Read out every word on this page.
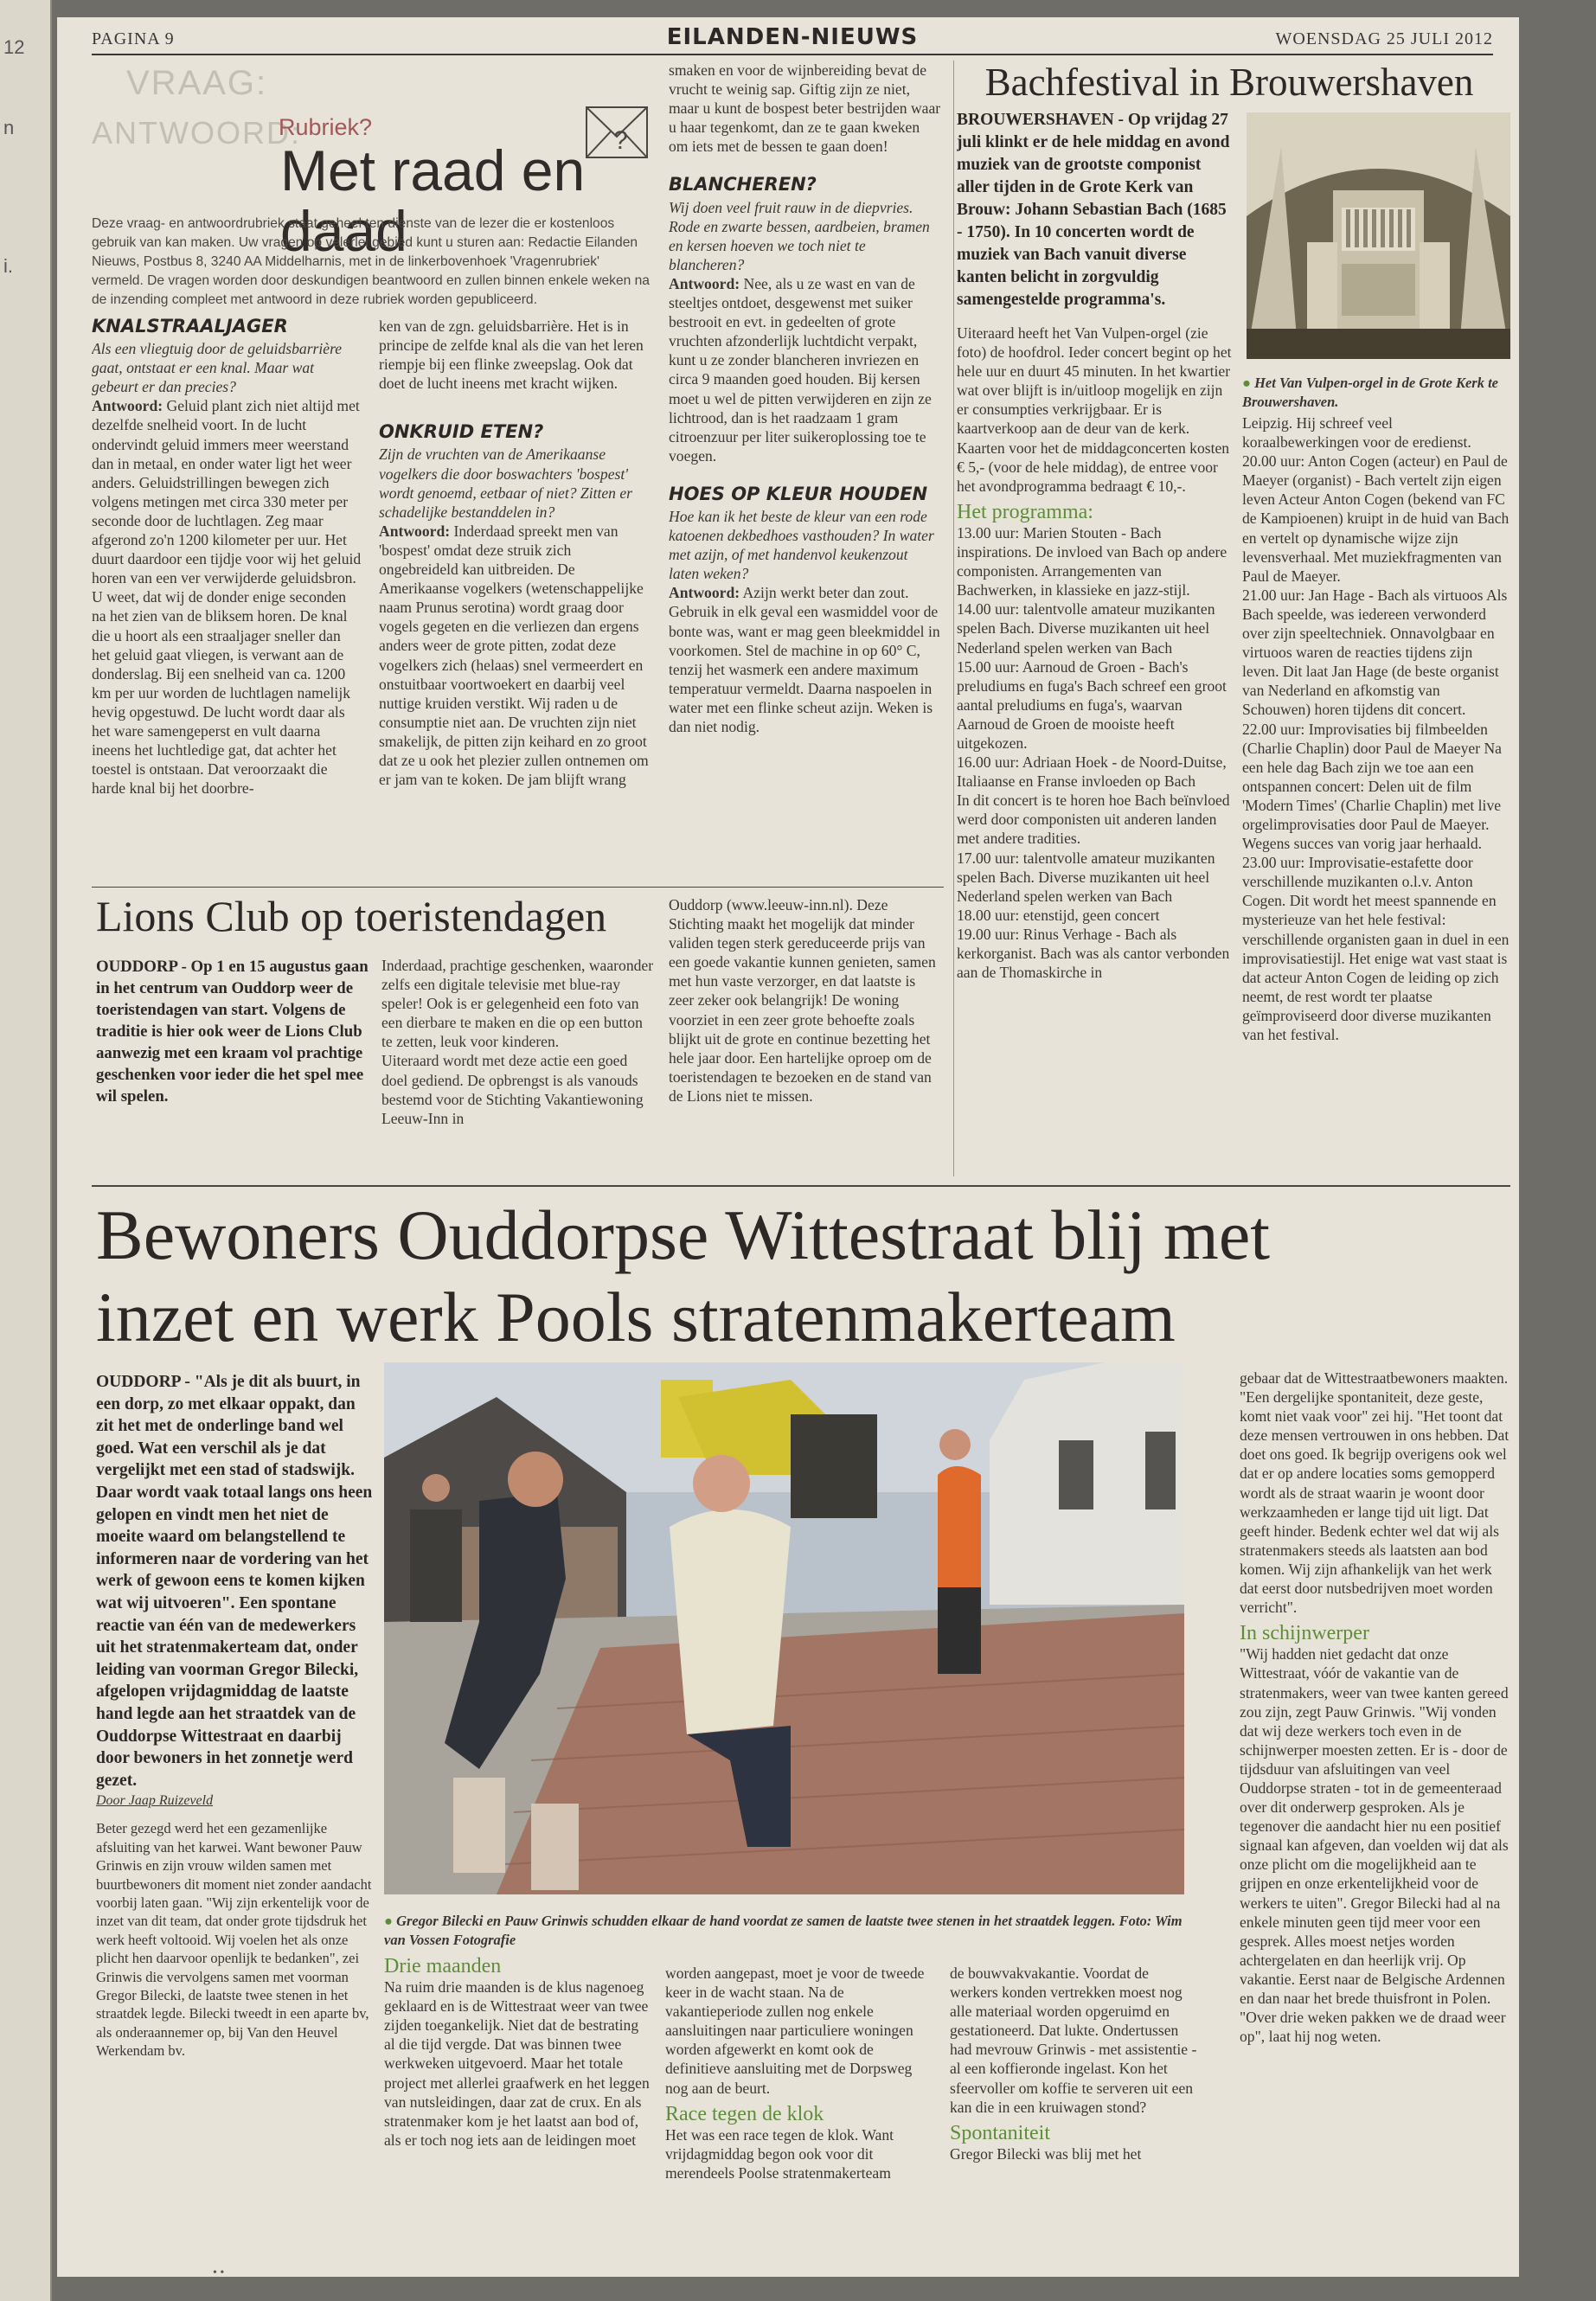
12
n
i.
PAGINA 9	EILANDEN-NIEUWS	WOENSDAG 25 JULI 2012
VRAAG:
ANTWOORD:	?
Rubriek?
Met raad en daad
Deze vraag- en antwoordrubriek staat geheel ten dienste van de lezer die er kostenloos gebruik van kan maken. Uw vragen op velerlei gebied kunt u sturen aan: Redactie Eilanden Nieuws, Postbus 8, 3240 AA Middelharnis, met in de linkerbovenhoek 'Vragenrubriek' vermeld. De vragen worden door deskundigen beantwoord en zullen binnen enkele weken na de inzending compleet met antwoord in deze rubriek worden gepubliceerd.
KNALSTRAALJAGER

Als een vliegtuig door de geluidsbarrière gaat, ontstaat er een knal. Maar wat gebeurt er dan precies?

Antwoord: Geluid plant zich niet altijd met dezelfde snelheid voort. In de lucht ondervindt geluid immers meer weerstand dan in metaal, en onder water ligt het weer anders. Geluidstrillingen bewegen zich volgens metingen met circa 330 meter per seconde door de luchtlagen. Zeg maar afgerond zo'n 1200 kilometer per uur. Het duurt daardoor een tijdje voor wij het geluid horen van een ver verwijderde geluidsbron. U weet, dat wij de donder enige seconden na het zien van de bliksem horen. De knal die u hoort als een straaljager sneller dan het geluid gaat vliegen, is verwant aan de donderslag. Bij een snelheid van ca. 1200 km per uur worden de luchtlagen namelijk hevig opgestuwd. De lucht wordt daar als het ware samengeperst en vult daarna ineens het luchtledige gat, dat achter het toestel is ontstaan. Dat veroorzaakt die harde knal bij het doorbre-

ken van de zgn. geluidsbarrière. Het is in principe de zelfde knal als die van het leren riempje bij een flinke zweepslag. Ook dat doet de lucht ineens met kracht wijken.

ONKRUID ETEN?

Zijn de vruchten van de Amerikaanse vogelkers die door boswachters 'bospest' wordt genoemd, eetbaar of niet? Zitten er schadelijke bestanddelen in?

Antwoord: Inderdaad spreekt men van 'bospest' omdat deze struik zich ongebreideld kan uitbreiden. De Amerikaanse vogelkers (wetenschappelijke naam Prunus serotina) wordt graag door vogels gegeten en die verliezen dan ergens anders weer de grote pitten, zodat deze vogelkers zich (helaas) snel vermeerdert en onstuitbaar voortwoekert en daarbij veel nuttige kruiden verstikt. Wij raden u de consumptie niet aan. De vruchten zijn niet smakelijk, de pitten zijn keihard en zo groot dat ze u ook het plezier zullen ontnemen om er jam van te koken. De jam blijft wrang

smaken en voor de wijnbereiding bevat de vrucht te weinig sap. Giftig zijn ze niet, maar u kunt de bospest beter bestrijden waar u haar tegenkomt, dan ze te gaan kweken om iets met de bessen te gaan doen!

BLANCHEREN?

Wij doen veel fruit rauw in de diepvries. Rode en zwarte bessen, aardbeien, bramen en kersen hoeven we toch niet te blancheren?

Antwoord: Nee, als u ze wast en van de steeltjes ontdoet, desgewenst met suiker bestrooit en evt. in gedeelten of grote vruchten afzonderlijk luchtdicht verpakt, kunt u ze zonder blancheren invriezen en circa 9 maanden goed houden. Bij kersen moet u wel de pitten verwijderen en zijn ze lichtrood, dan is het raadzaam 1 gram citroenzuur per liter suikeroplossing toe te voegen.

HOES OP KLEUR HOUDEN

Hoe kan ik het beste de kleur van een rode katoenen dekbedhoes vasthouden? In water met azijn, of met handenvol keukenzout laten weken?

Antwoord: Azijn werkt beter dan zout. Gebruik in elk geval een wasmiddel voor de bonte was, want er mag geen bleekmiddel in voorkomen. Stel de machine in op 60° C, tenzij het wasmerk een andere maximum temperatuur vermeldt. Daarna naspoelen in water met een flinke scheut azijn. Weken is dan niet nodig.

Bachfestival in Brouwershaven

BROUWERSHAVEN - Op vrijdag 27 juli klinkt er de hele middag en avond muziek van de grootste componist aller tijden in de Grote Kerk van Brouw: Johann Sebastian Bach (1685 - 1750). In 10 concerten wordt de muziek van Bach vanuit diverse kanten belicht in zorgvuldig samengestelde programma's.

Uiteraard heeft het Van Vulpen-orgel (zie foto) de hoofdrol. Ieder concert begint op het hele uur en duurt 45 minuten. In het kwartier wat over blijft is in/uitloop mogelijk en zijn er consumpties verkrijgbaar. Er is kaartverkoop aan de deur van de kerk. Kaarten voor het de middagconcerten kosten € 5,- (voor de hele middag), de entree voor het avondprogramma bedraagt € 10,-.

Het programma:

13.00 uur: Marien Stouten - Bach inspirations. De invloed van Bach op andere componisten. Arrangementen van Bachwerken, in klassieke en jazz-stijl.
14.00 uur: talentvolle amateur muzikanten spelen Bach. Diverse muzikanten uit heel Nederland spelen werken van Bach
15.00 uur: Aarnoud de Groen - Bach's preludiums en fuga's Bach schreef een groot aantal preludiums en fuga's, waarvan Aarnoud de Groen de mooiste heeft uitgekozen.
16.00 uur: Adriaan Hoek - de Noord-Duitse, Italiaanse en Franse invloeden op Bach
In dit concert is te horen hoe Bach beïnvloed werd door componisten uit anderen landen met andere tradities.
17.00 uur: talentvolle amateur muzikanten spelen Bach. Diverse muzikanten uit heel Nederland spelen werken van Bach
18.00 uur: etenstijd, geen concert
19.00 uur: Rinus Verhage - Bach als kerkorganist. Bach was als cantor verbonden aan de Thomaskirche in

● Het Van Vulpen-orgel in de Grote Kerk te Brouwershaven.

Leipzig. Hij schreef veel koraalbewerkingen voor de eredienst.
20.00 uur: Anton Cogen (acteur) en Paul de Maeyer (organist) - Bach vertelt zijn eigen leven Acteur Anton Cogen (bekend van FC de Kampioenen) kruipt in de huid van Bach en vertelt op dynamische wijze zijn levensverhaal. Met muziekfragmenten van Paul de Maeyer.
21.00 uur: Jan Hage - Bach als virtuoos Als Bach speelde, was iedereen verwonderd over zijn speeltechniek. Onnavolgbaar en virtuoos waren de reacties tijdens zijn leven. Dit laat Jan Hage (de beste organist van Nederland en afkomstig van Schouwen) horen tijdens dit concert.
22.00 uur: Improvisaties bij filmbeelden (Charlie Chaplin) door Paul de Maeyer Na een hele dag Bach zijn we toe aan een ontspannen concert: Delen uit de film 'Modern Times' (Charlie Chaplin) met live orgelimprovisaties door Paul de Maeyer. Wegens succes van vorig jaar herhaald.
23.00 uur: Improvisatie-estafette door verschillende muzikanten o.l.v. Anton Cogen. Dit wordt het meest spannende en mysterieuze van het hele festival: verschillende organisten gaan in duel in een improvisatiestijl. Het enige wat vast staat is dat acteur Anton Cogen de leiding op zich neemt, de rest wordt ter plaatse geïmproviseerd door diverse muzikanten van het festival.

Lions Club op toeristendagen

OUDDORP - Op 1 en 15 augustus gaan in het centrum van Ouddorp weer de toeristendagen van start. Volgens de traditie is hier ook weer de Lions Club aanwezig met een kraam vol prachtige geschenken voor ieder die het spel mee wil spelen.

Inderdaad, prachtige geschenken, waaronder zelfs een digitale televisie met blue-ray speler! Ook is er gelegenheid een foto van een dierbare te maken en die op een button te zetten, leuk voor kinderen.
Uiteraard wordt met deze actie een goed doel gediend. De opbrengst is als vanouds bestemd voor de Stichting Vakantiewoning Leeuw-Inn in

Ouddorp (www.leeuw-inn.nl). Deze Stichting maakt het mogelijk dat minder validen tegen sterk gereduceerde prijs van een goede vakantie kunnen genieten, samen met hun vaste verzorger, en dat laatste is zeer zeker ook belangrijk! De woning voorziet in een zeer grote behoefte zoals blijkt uit de grote en continue bezetting het hele jaar door. Een hartelijke oproep om de toeristendagen te bezoeken en de stand van de Lions niet te missen.

Bewoners Ouddorpse Wittestraat blij met
inzet en werk Pools stratenmakerteam

OUDDORP - "Als je dit als buurt, in een dorp, zo met elkaar oppakt, dan zit het met de onderlinge band wel goed. Wat een verschil als je dat vergelijkt met een stad of stadswijk. Daar wordt vaak totaal langs ons heen gelopen en vindt men het niet de moeite waard om belangstellend te informeren naar de vordering van het werk of gewoon eens te komen kijken wat wij uitvoeren". Een spontane reactie van één van de medewerkers uit het stratenmakerteam dat, onder leiding van voorman Gregor Bilecki, afgelopen vrijdagmiddag de laatste hand legde aan het straatdek van de Ouddorpse Wittestraat en daarbij door bewoners in het zonnetje werd gezet.

Door Jaap Ruizeveld

Beter gezegd werd het een gezamenlijke afsluiting van het karwei. Want bewoner Pauw Grinwis en zijn vrouw wilden samen met buurtbewoners dit moment niet zonder aandacht voorbij laten gaan. "Wij zijn erkentelijk voor de inzet van dit team, dat onder grote tijdsdruk het werk heeft voltooid. Wij voelen het als onze plicht hen daarvoor openlijk te bedanken", zei Grinwis die vervolgens samen met voorman Gregor Bilecki, de laatste twee stenen in het straatdek legde. Bilecki tweedt in een aparte bv, als onderaannemer op, bij Van den Heuvel Werkendam bv.

● Gregor Bilecki en Pauw Grinwis schudden elkaar de hand voordat ze samen de laatste twee stenen in het straatdek leggen. Foto: Wim van Vossen Fotografie
Drie maanden

Na ruim drie maanden is de klus nagenoeg geklaard en is de Wittestraat weer van twee zijden toegankelijk. Niet dat de bestrating al die tijd vergde. Dat was binnen twee werkweken uitgevoerd. Maar het totale project met allerlei graafwerk en het leggen van nutsleidingen, daar zat de crux. En als stratenmaker kom je het laatst aan bod of, als er toch nog iets aan de leidingen moet

worden aangepast, moet je voor de tweede keer in de wacht staan. Na de vakantieperiode zullen nog enkele aansluitingen naar particuliere woningen worden afgewerkt en komt ook de definitieve aansluiting met de Dorpsweg nog aan de beurt.

Race tegen de klok

Het was een race tegen de klok. Want vrijdagmiddag begon ook voor dit merendeels Poolse stratenmakerteam

de bouwvakvakantie. Voordat de werkers konden vertrekken moest nog alle materiaal worden opgeruimd en gestationeerd. Dat lukte. Ondertussen had mevrouw Grinwis - met assistentie - al een koffieronde ingelast. Kon het sfeervoller om koffie te serveren uit een kan die in een kruiwagen stond?

Spontaniteit

Gregor Bilecki was blij met het

gebaar dat de Wittestraatbewoners maakten. "Een dergelijke spontaniteit, deze geste, komt niet vaak voor" zei hij. "Het toont dat deze mensen vertrouwen in ons hebben. Dat doet ons goed. Ik begrijp overigens ook wel dat er op andere locaties soms gemopperd wordt als de straat waarin je woont door werkzaamheden er lange tijd uit ligt. Dat geeft hinder. Bedenk echter wel dat wij als stratenmakers steeds als laatsten aan bod komen. Wij zijn afhankelijk van het werk dat eerst door nutsbedrijven moet worden verricht".

In schijnwerper

"Wij hadden niet gedacht dat onze Wittestraat, vóór de vakantie van de stratenmakers, weer van twee kanten gereed zou zijn, zegt Pauw Grinwis. "Wij vonden dat wij deze werkers toch even in de schijnwerper moesten zetten. Er is - door de tijdsduur van afsluitingen van veel Ouddorpse straten - tot in de gemeenteraad over dit onderwerp gesproken. Als je tegenover die aandacht hier nu een positief signaal kan afgeven, dan voelden wij dat als onze plicht om die mogelijkheid aan te grijpen en onze erkentelijkheid voor de werkers te uiten". Gregor Bilecki had al na enkele minuten geen tijd meer voor een gesprek. Alles moest netjes worden achtergelaten en dan heerlijk vrij. Op vakantie. Eerst naar de Belgische Ardennen en dan naar het brede thuisfront in Polen. "Over drie weken pakken we de draad weer op", laat hij nog weten.

• •
